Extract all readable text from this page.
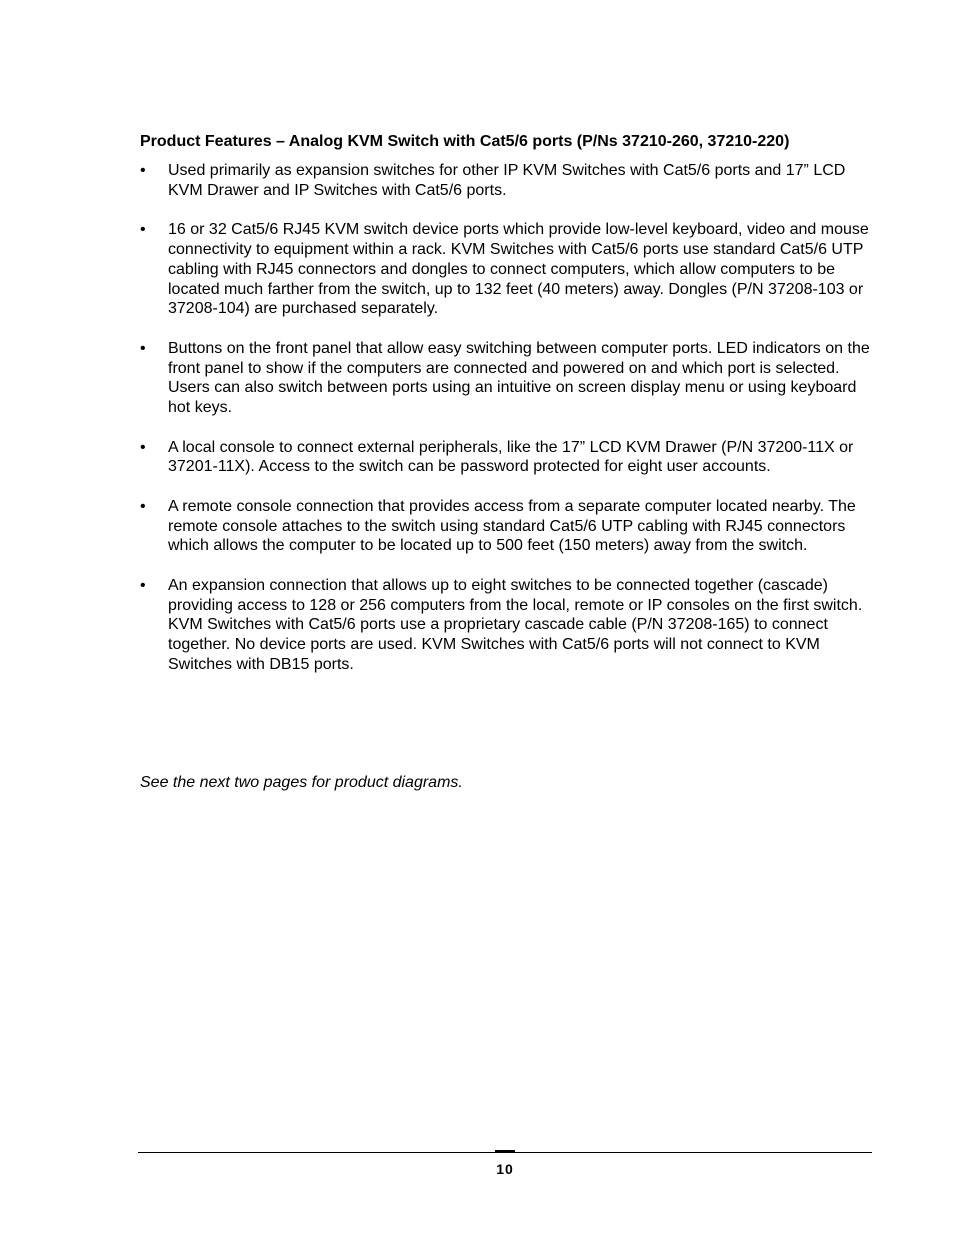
Product Features – Analog KVM Switch with Cat5/6 ports (P/Ns 37210-260, 37210-220)
•	Used primarily as expansion switches for other IP KVM Switches with Cat5/6 ports and 17” LCD KVM Drawer and IP Switches with Cat5/6 ports.
•	16 or 32 Cat5/6 RJ45 KVM switch device ports which provide low-level keyboard, video and mouse connectivity to equipment within a rack. KVM Switches with Cat5/6 ports use standard Cat5/6 UTP cabling with RJ45 connectors and dongles to connect computers, which allow computers to be located much farther from the switch, up to 132 feet (40 meters) away. Dongles (P/N 37208-103 or 37208-104) are purchased separately.
•	Buttons on the front panel that allow easy switching between computer ports. LED indicators on the front panel to show if the computers are connected and powered on and which port is selected. Users can also switch between ports using an intuitive on screen display menu or using keyboard hot keys.
•	A local console to connect external peripherals, like the 17” LCD KVM Drawer (P/N 37200-11X or 37201-11X). Access to the switch can be password protected for eight user accounts.
•	A remote console connection that provides access from a separate computer located nearby. The remote console attaches to the switch using standard Cat5/6 UTP cabling with RJ45 connectors which allows the computer to be located up to 500 feet (150 meters) away from the switch.
•	An expansion connection that allows up to eight switches to be connected together (cascade) providing access to 128 or 256 computers from the local, remote or IP consoles on the first switch. KVM Switches with Cat5/6 ports use a proprietary cascade cable (P/N 37208-165) to connect together. No device ports are used. KVM Switches with Cat5/6 ports will not connect to KVM Switches with DB15 ports.

See the next two pages for product diagrams.

10
